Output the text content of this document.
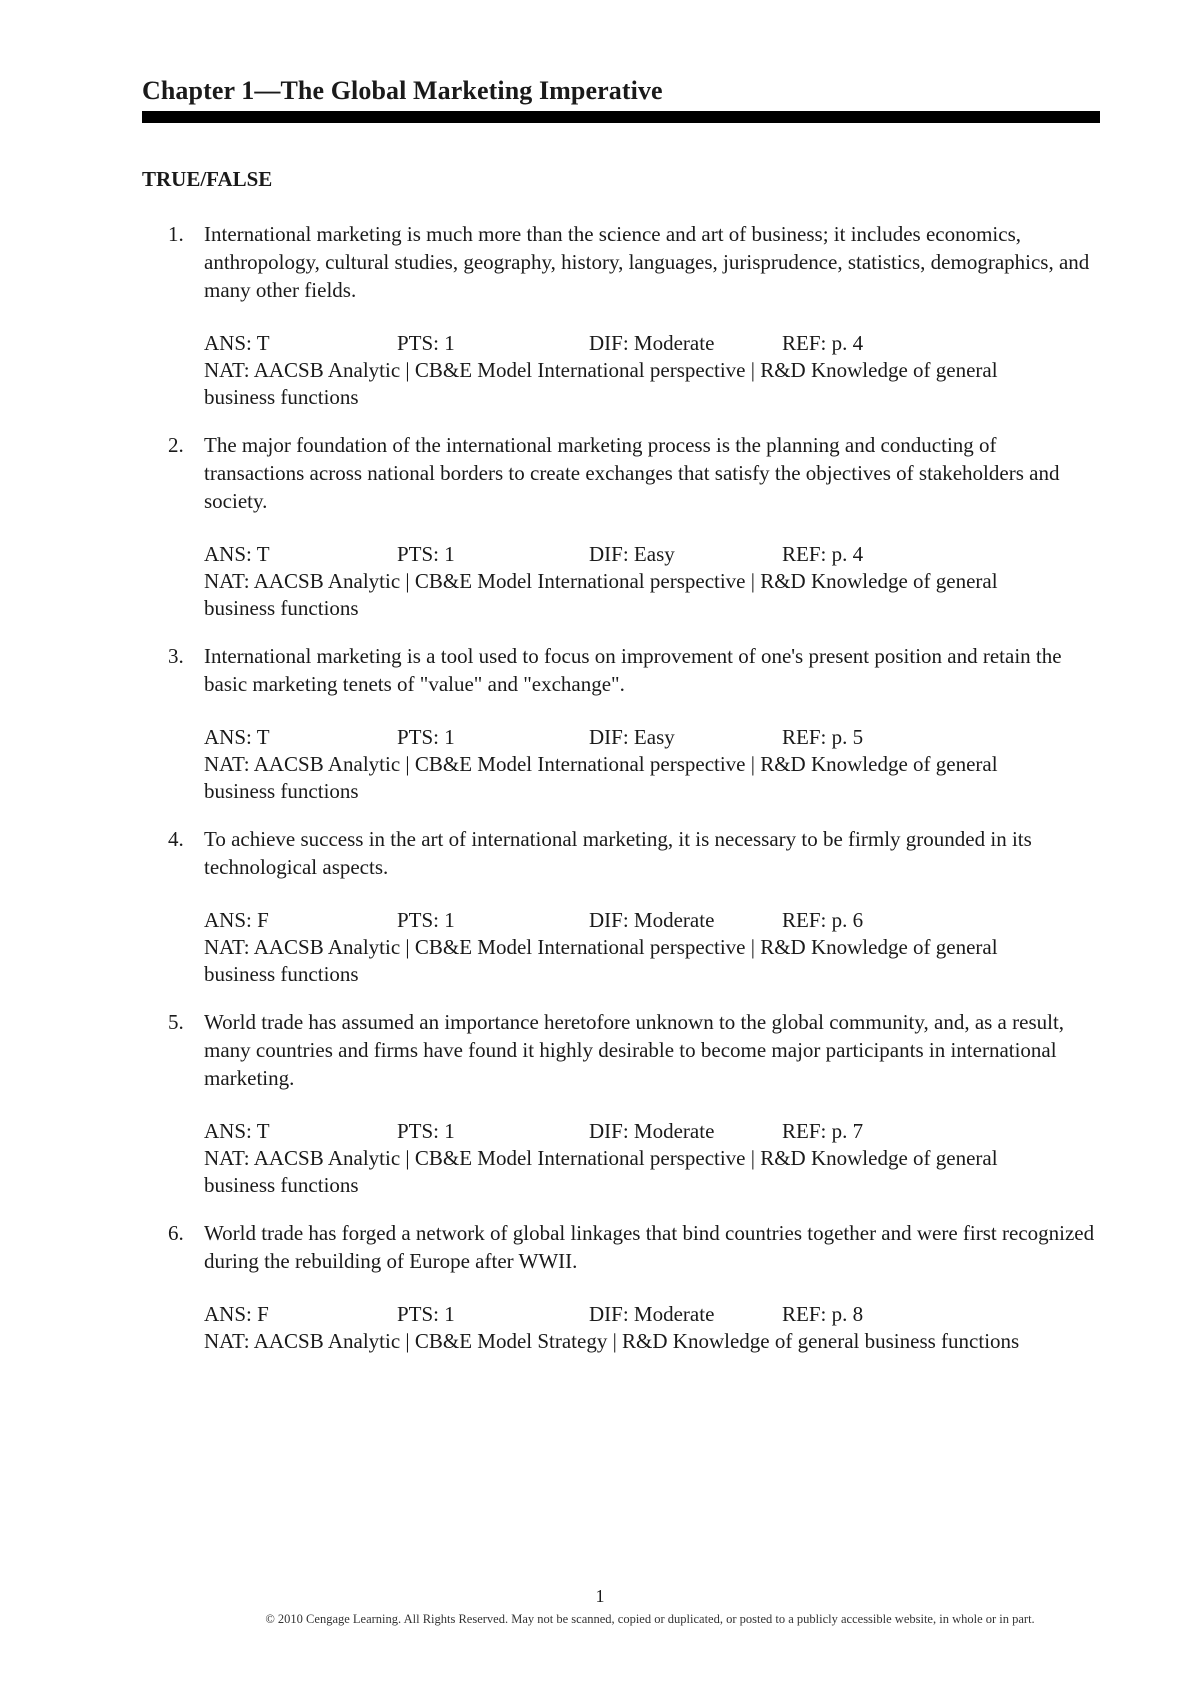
Chapter 1—The Global Marketing Imperative
TRUE/FALSE
1. International marketing is much more than the science and art of business; it includes economics, anthropology, cultural studies, geography, history, languages, jurisprudence, statistics, demographics, and many other fields.
ANS: T	PTS: 1	DIF: Moderate	REF: p. 4
NAT: AACSB Analytic | CB&E Model International perspective | R&D Knowledge of general business functions
2. The major foundation of the international marketing process is the planning and conducting of transactions across national borders to create exchanges that satisfy the objectives of stakeholders and society.
ANS: T	PTS: 1	DIF: Easy	REF: p. 4
NAT: AACSB Analytic | CB&E Model International perspective | R&D Knowledge of general business functions
3. International marketing is a tool used to focus on improvement of one's present position and retain the basic marketing tenets of "value" and "exchange".
ANS: T	PTS: 1	DIF: Easy	REF: p. 5
NAT: AACSB Analytic | CB&E Model International perspective | R&D Knowledge of general business functions
4. To achieve success in the art of international marketing, it is necessary to be firmly grounded in its technological aspects.
ANS: F	PTS: 1	DIF: Moderate	REF: p. 6
NAT: AACSB Analytic | CB&E Model International perspective | R&D Knowledge of general business functions
5. World trade has assumed an importance heretofore unknown to the global community, and, as a result, many countries and firms have found it highly desirable to become major participants in international marketing.
ANS: T	PTS: 1	DIF: Moderate	REF: p. 7
NAT: AACSB Analytic | CB&E Model International perspective | R&D Knowledge of general business functions
6. World trade has forged a network of global linkages that bind countries together and were first recognized during the rebuilding of Europe after WWII.
ANS: F	PTS: 1	DIF: Moderate	REF: p. 8
NAT: AACSB Analytic | CB&E Model Strategy | R&D Knowledge of general business functions
1
© 2010 Cengage Learning. All Rights Reserved. May not be scanned, copied or duplicated, or posted to a publicly accessible website, in whole or in part.
